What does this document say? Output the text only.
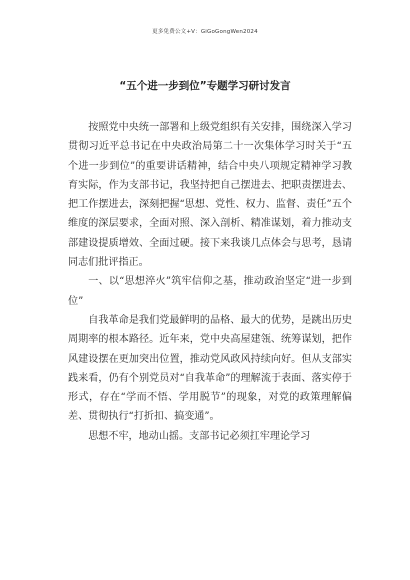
更多免费公文+V：GiGoGongWen2024
“五个进一步到位”专题学习研讨发言

按照党中央统一部署和上级党组织有关安排，围绕深入学习贯彻习近平总书记在中央政治局第二十一次集体学习时关于“五个进一步到位”的重要讲话精神，结合中央八项规定精神学习教育实际，作为支部书记，我坚持把自己摆进去、把职责摆进去、把工作摆进去，深刻把握“思想、党性、权力、监督、责任”五个维度的深层要求，全面对照、深入剖析、精准谋划，着力推动支部建设提质增效、全面过硬。接下来我谈几点体会与思考，恳请同志们批评指正。

一、以“思想淬火”筑牢信仰之基，推动政治坚定“进一步到位”

自我革命是我们党最鲜明的品格、最大的优势，是跳出历史周期率的根本路径。近年来，党中央高屋建瓴、统筹谋划，把作风建设摆在更加突出位置，推动党风政风持续向好。但从支部实践来看，仍有个别党员对“自我革命”的理解流于表面、落实停于形式，存在“学而不悟、学用脱节”的现象，对党的政策理解偏差、贯彻执行“打折扣、搞变通”。

思想不牢，地动山摇。支部书记必须扛牢理论学习
